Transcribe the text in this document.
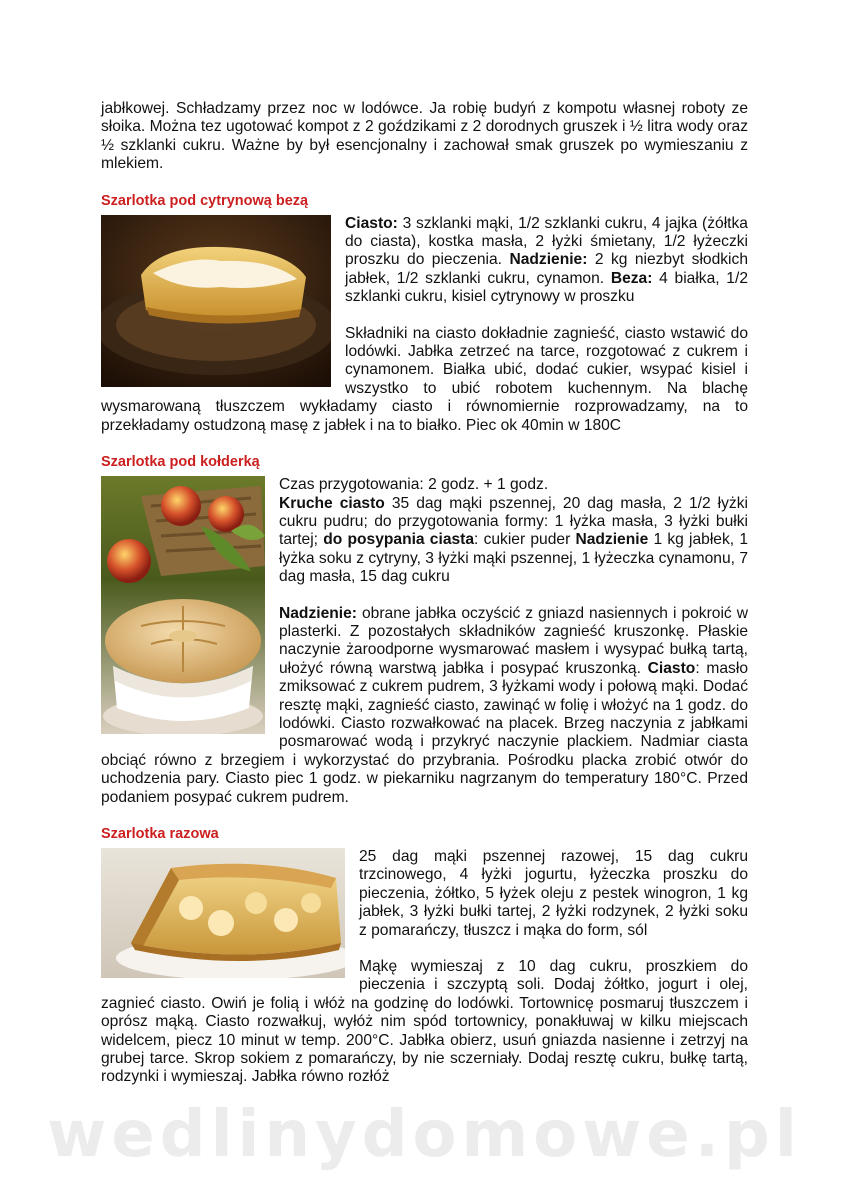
jabłkowej. Schładzamy przez noc w lodówce. Ja robię budyń z kompotu własnej roboty ze słoika. Można tez ugotować kompot z 2 goździkami z 2 dorodnych gruszek i ½ litra wody oraz ½ szklanki cukru. Ważne by był esencjonalny i zachował smak gruszek po wymieszaniu z mlekiem.

Szarlotka pod cytrynową bezą

Ciasto: 3 szklanki mąki, 1/2 szklanki cukru, 4 jajka (żółtka do ciasta), kostka masła, 2 łyżki śmietany, 1/2 łyżeczki proszku do pieczenia. Nadzienie: 2 kg niezbyt słodkich jabłek, 1/2 szklanki cukru, cynamon. Beza: 4 białka, 1/2 szklanki cukru, kisiel cytrynowy w proszku

Składniki na ciasto dokładnie zagnieść, ciasto wstawić do lodówki. Jabłka zetrzeć na tarce, rozgotować z cukrem i cynamonem. Białka ubić, dodać cukier, wsypać kisiel i wszystko to ubić robotem kuchennym. Na blachę wysmarowaną tłuszczem wykładamy ciasto i równomiernie rozprowadzamy, na to przekładamy ostudzoną masę z jabłek i na to białko. Piec ok 40min w 180C

Szarlotka pod kołderką

Czas przygotowania: 2 godz. + 1 godz.

Kruche ciasto 35 dag mąki pszennej, 20 dag masła, 2 1/2 łyżki cukru pudru; do przygotowania formy: 1 łyżka masła, 3 łyżki bułki tartej; do posypania ciasta: cukier puder Nadzienie 1 kg jabłek, 1 łyżka soku z cytryny, 3 łyżki mąki pszennej, 1 łyżeczka cynamonu, 7 dag masła, 15 dag cukru

Nadzienie: obrane jabłka oczyścić z gniazd nasiennych i pokroić w plasterki. Z pozostałych składników zagnieść kruszonkę. Płaskie naczynie żaroodporne wysmarować masłem i wysypać bułką tartą, ułożyć równą warstwą jabłka i posypać kruszonką. Ciasto: masło zmiksować z cukrem pudrem, 3 łyżkami wody i połową mąki. Dodać resztę mąki, zagnieść ciasto, zawinąć w folię i włożyć na 1 godz. do lodówki. Ciasto rozwałkować na placek. Brzeg naczynia z jabłkami posmarować wodą i przykryć naczynie plackiem. Nadmiar ciasta obciąć równo z brzegiem i wykorzystać do przybrania. Pośrodku placka zrobić otwór do uchodzenia pary. Ciasto piec 1 godz. w piekarniku nagrzanym do temperatury 180°C. Przed podaniem posypać cukrem pudrem.

Szarlotka razowa

25 dag mąki pszennej razowej, 15 dag cukru trzcinowego, 4 łyżki jogurtu, łyżeczka proszku do pieczenia, żółtko, 5 łyżek oleju z pestek winogron, 1 kg jabłek, 3 łyżki bułki tartej, 2 łyżki rodzynek, 2 łyżki soku z pomarańczy, tłuszcz i mąka do form, sól

Mąkę wymieszaj z 10 dag cukru, proszkiem do pieczenia i szczyptą soli. Dodaj żółtko, jogurt i olej, zagnieć ciasto. Owiń je folią i włóż na godzinę do lodówki. Tortownicę posmaruj tłuszczem i oprósz mąką. Ciasto rozwałkuj, wyłóż nim spód tortownicy, ponakłuwaj w kilku miejscach widelcem, piecz 10 minut w temp. 200°C. Jabłka obierz, usuń gniazda nasienne i zetrzyj na grubej tarce. Skrop sokiem z pomarańczy, by nie sczerniały. Dodaj resztę cukru, bułkę tartą, rodzynki i wymieszaj. Jabłka równo rozłóż

wedlinydomowe.pl
